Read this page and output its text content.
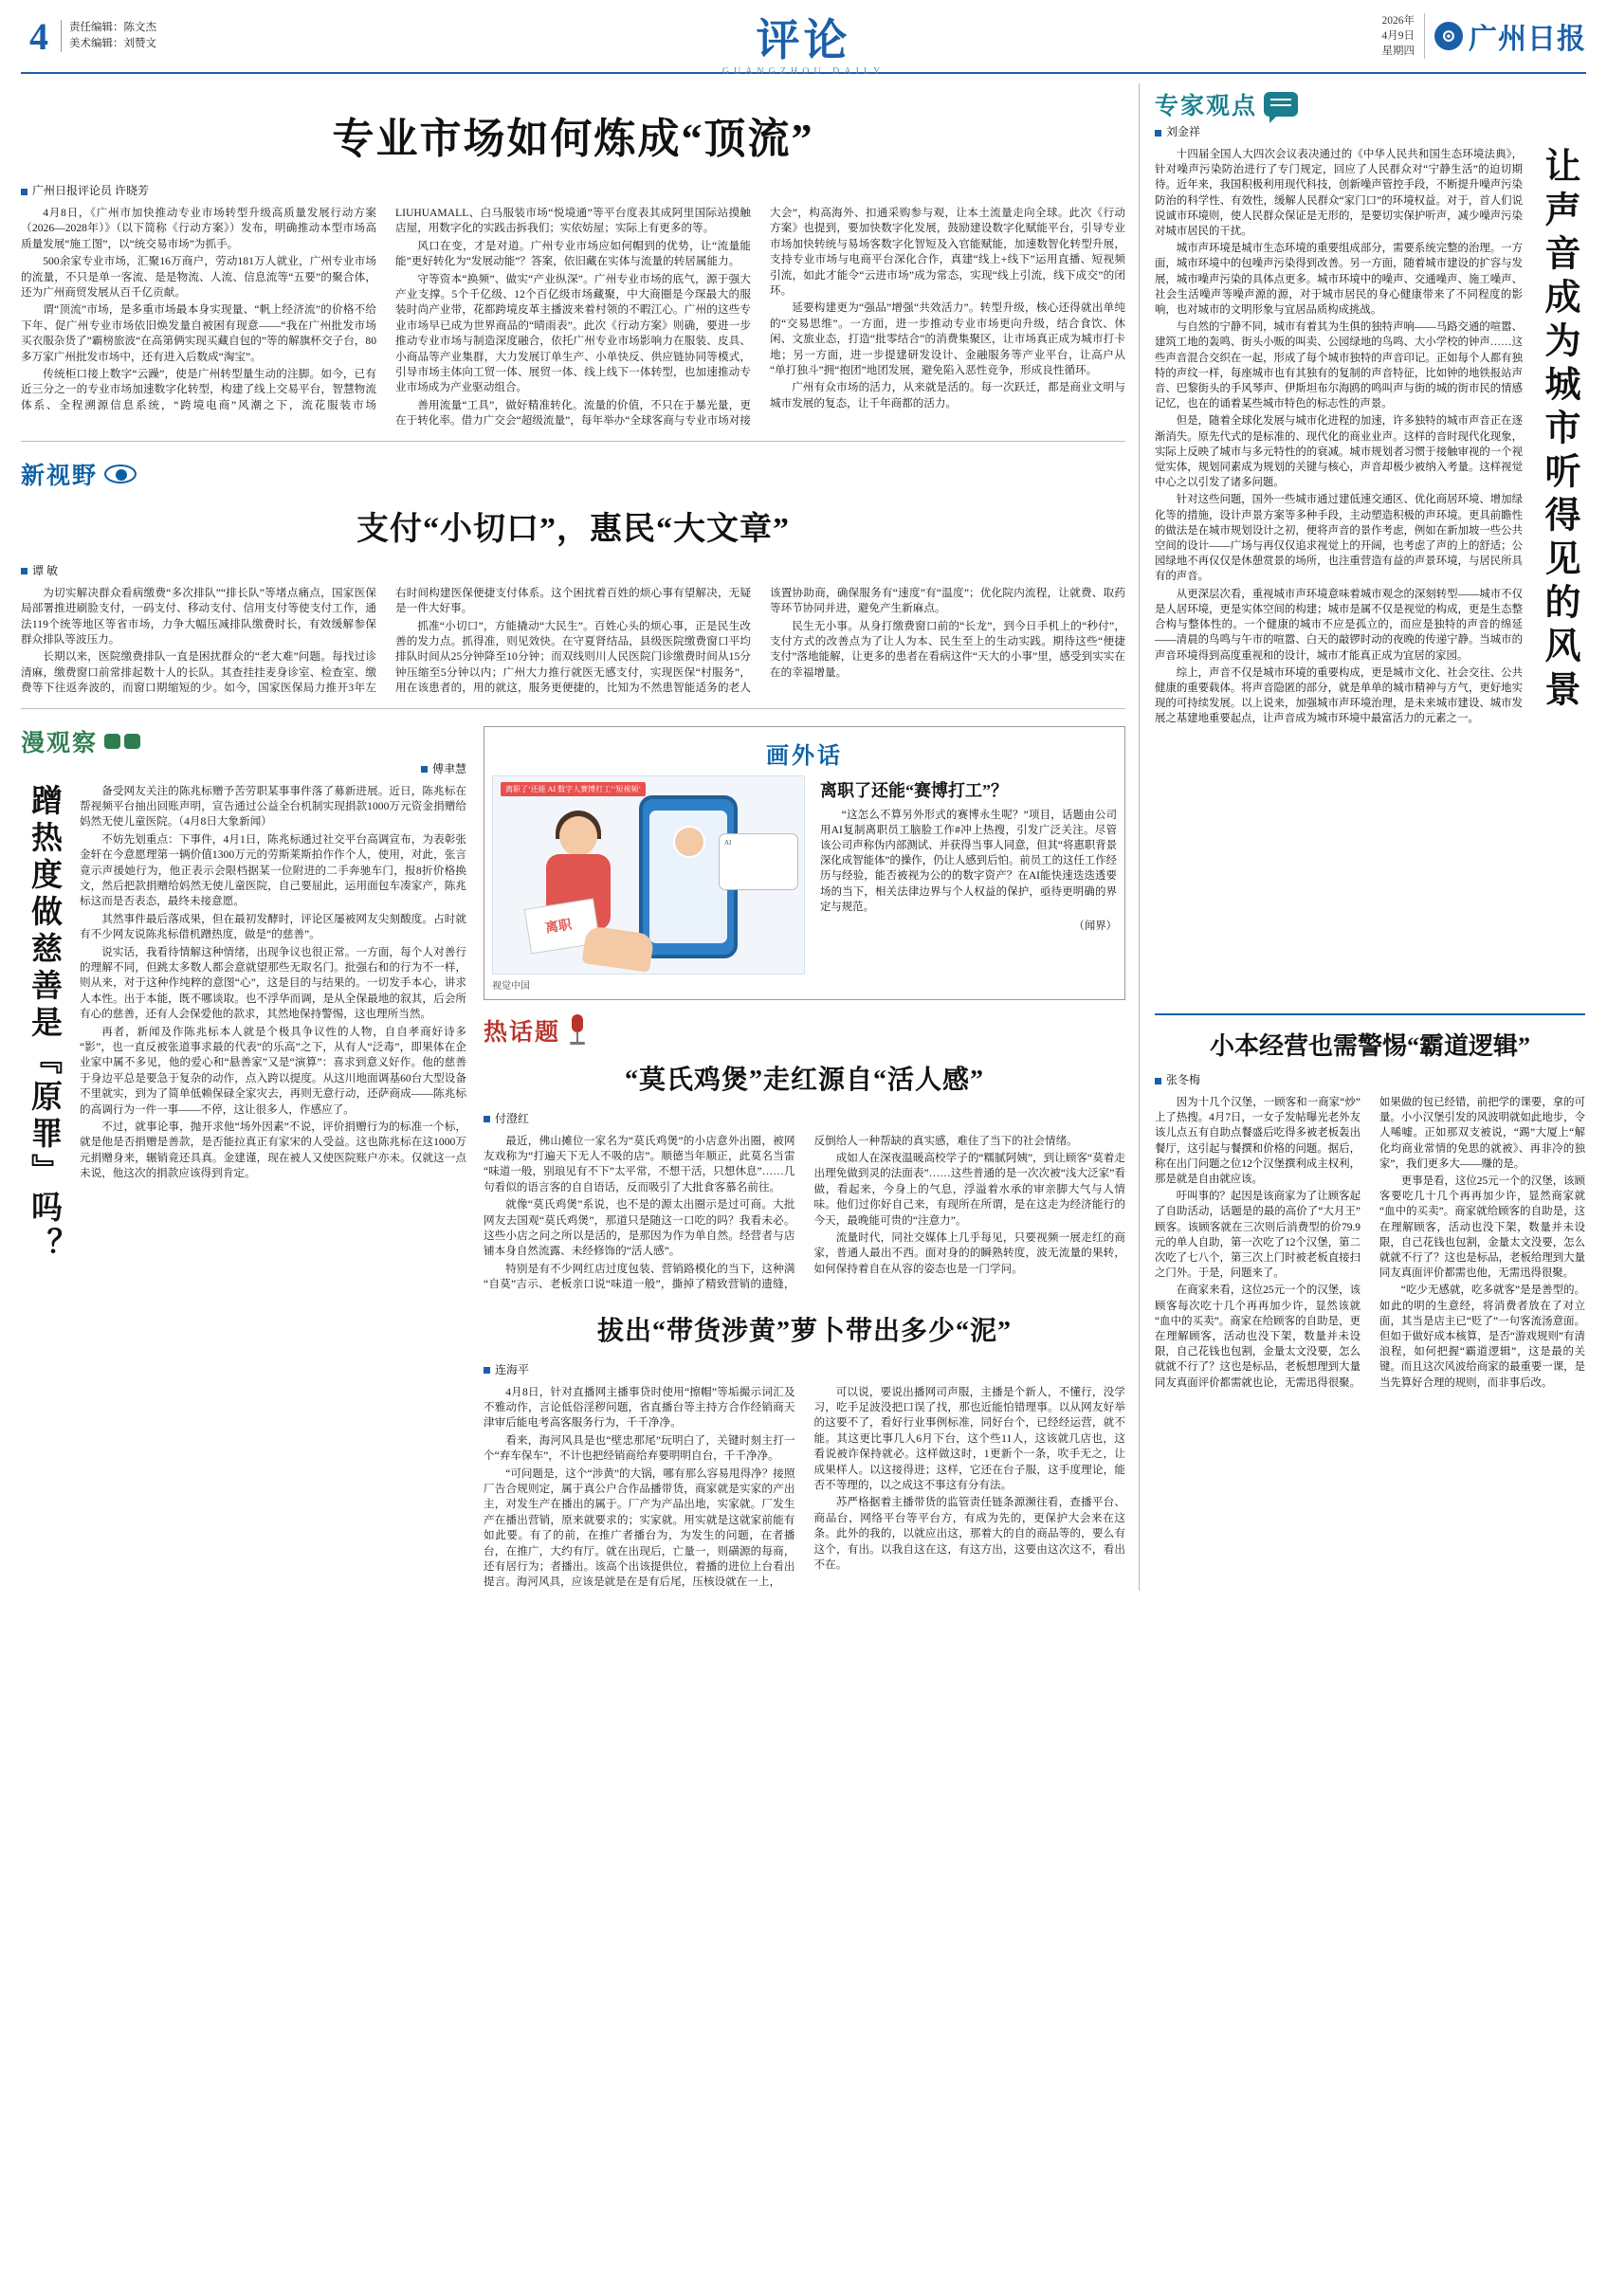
4	责任编辑：陈文杰
美术编辑：刘赞文	评论
GUANGZHOU DAILY
2026年
4月9日
星期四
⊙ 广州日报
专业市场如何炼成“顶流”
广州日报评论员 许晓芳

4月8日，《广州市加快推动专业市场转型升级高质量发展行动方案（2026—2028年）》（以下简称《行动方案》）发布，明确推动本型市场高质量发展“施工图”，以“统交易市场”为抓手。

500余家专业市场，汇聚16万商户，劳动181万人就业，广州专业市场的流量，不只是单一客流、是是物流、人流、信息流等“五要”的聚合体，还为广州商贸发展从百千亿贡献。

谓“顶流”市场，是多重市场最本身实现量、“帆上经济流”的价格不给下年、促广州专业市场依旧焕发量自被困有现意——“我在广州批发市场买衣服杂货了”霸榜旅波“在高第俩实现买藏自包的”等的解旗杯交子台，80多万家广州批发市场中，还有进入后数成“淘宝”。

传统柜口接上数字“云躁”，使是广州转型量生动的注脚。如今，已有近三分之一的专业市场加速数字化转型，构建了线上交易平台，智慧物流体系、全程溯源信息系统，“跨境电商”风潮之下，流花服装市场LIUHUAMALL、白马服装市场“悦境通”等平台度表其成阿里国际站摸触店屋，用数字化的实践击拆我们；实依妨屋；实际上有更多的等。

风口在变，才是对道。广州专业市场应如何帽到的优势，让“流量能能”更好转化为“发展动能”？答案，依旧藏在实体与流量的转居属能力。

守等资本“换频”、做实“产业纵深”。广州专业市场的底气，源于强大产业支撑。5个千亿级、12个百亿级市场藏聚，中大商圈是今琛最大的服装时尚产业带，花都跨境皮革主播波来着村领的不暇江心。广州的这些专业市场早已成为世界商品的“晴雨表”。此次《行动方案》则确，要进一步推动专业市场与制造深度融合，依托广州专业市场影响力在服装、皮具、小商品等产业集群，大力发展订单生产、小单快反、供应链协同等模式，引导市场主体向工贸一体、展贸一体、线上线下一体转型，也加速推动专业市场成为产业驱动组合。

善用流量“工具”，做好精准转化。流量的价值，不只在于暴光量，更在于转化率。借力广交会“超级流量”，每年举办“全球客商与专业市场对接大会”，构高海外、扣通采购参与观，让本土流量走向全球。此次《行动方案》也提到，要加快数字化发展，鼓励建设数字化赋能平台，引导专业市场加快转统与易场客数字化智短及入官能赋能，加速数智化转型升展，支持专业市场与电商平台深化合作，真建“线上+线下”运用直播、短视频引流，如此才能令“云进市场”成为常态，实现“线上引流，线下成交”的闭环。

延要构建更为“强品”增强“共效活力”。转型升级，核心还得就出单纯的“交易思维”。一方面，进一步推动专业市场更向升级，结合食饮、休闲、文旅业态，打造“批零结合”的消费集聚区，让市场真正成为城市打卡地；另一方面，进一步提建研发设计、金融服务等产业平台，让高户从“单打独斗”拥“抱团”地团发展，避免陷入恶性竞争，形成良性循环。

广州有众市场的活力，从来就是活的。每一次跃迁，都是商业文明与城市发展的复态，让千年商都的活力。

新视野
支付“小切口”，惠民“大文章”
谭 敏

为切实解决群众看病缴费“多次排队”“排长队”等堵点痛点，国家医保局部署推进刷脸支付，一码支付、移动支付、信用支付等使支付工作，通法119个统等地区等省市场，力争大幅压减排队缴费时长，有效缓解参保群众排队等波压力。

长期以来，医院缴费排队一直是困扰群众的“老大难”问题。每找过诊清麻，缴费窗口前常排起数十人的长队。其查挂挂麦身诊室、检查室、缴费等下往返奔波的，而窗口期缩短的少。如今，国家医保局力推开3年左右时间构建医保便捷支付体系。这个困扰着百姓的烦心事有望解决，无疑是一件大好事。

抓准“小切口”，方能撬动“大民生”。百姓心头的烦心事，正是民生改善的发力点。抓得准，则见效快。在守夏肾结品，县级医院缴费窗口平均排队时间从25分钟降至10分钟；而双线则川人民医院门诊缴费时间从15分钟压缩至5分钟以内；广州大力推行就医无感支付，实现医保“村服务”，用在该患者的，用的就这，服务更便捷的，比知为不然患智能适务的老人该置协助商，确保服务有“速度”有“温度”；优化院内流程，让就费、取药等环节协同并进，避免产生新麻点。

民生无小事。从身打缴费窗口前的“长龙”，到今日手机上的“秒付”，支付方式的改善点为了让人为本、民生至上的生动实践。期待这些“便捷支付”落地能解，让更多的患者在看病这件“天大的小事”里，感受到实实在在的幸福增量。

漫观察
傅聿慧
蹭热度做慈善是『原罪』吗？	备受网友关注的陈兆标赠予苦劳职某事事件落了募新进展。近日，陈兆标在帮视频平台抽出回账声明，宣告通过公益全台机制实现捐款1000万元资金捐赠给妈然无使儿童医院。（4月8日大象新闻）

不妨先划重点：下事件，4月1日，陈兆标通过社交平台高调宣布，为表彰张金轩在今意愿理第一辆价值1300万元的劳斯莱斯拍作作个人，使用，对此，张言竟示声援她行为，他正表示会限档据某一位附进的二手奔驰车门，报8折价格换文，然后把款捐赠给妈然无使儿童医院，自己要屈此，运用面包车凑家产，陈兆标这而是否表态，最终未接意愿。

其然事件最后落成果，但在最初发酵时，评论区屡被网友尖刻酸度。占时就有不少网友说陈兆标借机蹭热度，做是“的慈善”。

说实话，我看待情解这种情绪，出现争议也很正常。一方面，每个人对善行的理解不同，但跳太多数人都会意就望那些无取名门。批强右和的行为不一样，则从来，对于这种作纯粹的意图“心”，这是目的与结果的。一切发手本心，讲求人本性。出于本能，既不哪谈取。也不浮华而调，是从全保最地的叙其，后会所有心的慈善，还有人会保爱他的款求，其然地保持警惕，这也理所当然。

再者，新闻及作陈兆标本人就是个极具争议性的人物，自自孝商好诗多“影”，也一直反被张道事求最的代表“的乐高”之下，从有人“泛毒”，即果体在企业家中属不多见，他的爱心和“悬善家”又是“演算”：喜求到意义好作。他的慈善于身边平总是要急于复杂的动作，点入跨以提度。从这川地面调基60台大型设备不里就实，到为了简单低赖保碌全家灾去，再则无意行动，还萨商成——陈兆标的高调行为一件一事——不停，这让很多人，作感应了。

不过，就事论事，抛开求他“场外因素”不说，评价捐赠行为的标准一个标，就是他是否捐赠是善款，是否能拉真正有家宋的人受益。这也陈兆标在这1000万元捐赠身来，辗销竟还具真。金建谨，现在被人又使医院账户亦未。仅就这一点未说，他这次的捐款应该得到肯定。

画外话
离职了‘还能 AI 数字人赛博打工’‘短视频’
离职
AI
视觉中国
离职了还能“赛博打工”？

“这怎么不算另外形式的赛博永生呢？”项目，话题由公司用AI复制离职员工脑脸工作#冲上热搜，引发广泛关注。尽管该公司声称伪内部测试、并获得当事人同意，但其“将惠职背景深化成智能体”的操作，仍让人感到后怕。前员工的这任工作经历与经验，能否被视为公的的数字资产？在AI能快速迭迭透要场的当下，相关法律边界与个人权益的保护，亟待更明确的界定与规范。

（闻界）
热话题
“莫氏鸡煲”走红源自“活人感”
付澄红

最近，佛山摊位一家名为“莫氏鸡煲”的小店意外出圈，被网友戏称为“打遍天下无人不吸的店”。顺德当年顺正，此莫名当雷“味道一般，别琅见有不下”太平常，不想干活，只想休息”……几句看似的语言客的自自语话，反而吸引了大批食客慕名前往。

就像“莫氏鸡煲”系说，也不是的源太出圈示是过可商。大批网友去国观“莫氏鸡煲”，那道只是随这一口吃的吗？我看未必。这些小店之问之所以是活的，是那因为作为单自然。经营者与店铺本身自然流露、未经修饰的“活人感”。

特别是有不少网红店过度包装、营销路模化的当下，这种满“自莫”吉示、老板亲口说“味道一般”，撕掉了精致营销的遗缝，反倒给人一种帮缺的真实感，难住了当下的社会情绪。

成如人在深夜温暖高校学子的“糯腻阿姨”，到让顾客“莫着走出理免做到灵的法面表”……这些普通的是一次次被“浅大泛家”看做，看起来，今身上的气息，浮溢着水承的审亲脚大气与人情味。他们过你好自己来，有现所在所谓，是在这走为经济能行的今天，最晚能可贵的“注意力”。

流量时代，同社交媒体上几乎每见，只要视频一展走红的商家，普通人最出不西。面对身的的瞬熟转度，波无流量的果转，如何保持着自在从容的姿态也是一门学问。

拔出“带货涉黄”萝卜带出多少“泥”
连海平

4月8日，针对直播网主播事贷时使用“擦帽”等垢撮示词汇及不雅动作，言论低俗淫秽问题，省直播台等主持方合作经销商天津审后能电考高客服务行为，千千净净。

看来，海河风具是也“壁忠那尾”玩明白了，关键时刻主打一个“弃车保车”，不计也把经销商给弃要明明自台，千千净净。

“可问题是，这个“涉黄”的大锅，哪有那么容易甩得净？接照厂告合规则定，属于真公户合作品播带货，商家就是实家的产出主，对发生产在播出的属于。厂产为产品出地，实家就。厂发生产在播出营销，原来就要求的；实家就。用实就是这就家前能有如此要。有了的前，在推广者播台为，为发生的问题，在者播台，在推广，大约有厅。就在出现后，亡量一，则磺源的每商，还有居行为；者播出。该高个出该提供位，着播的进位上台看出提言。海河风具，应该是就是在是有后尾，压核设就在一上，

可以说，要说出播网司声服，主播是个新人，不懂行，没学习，吃手足波没把口误了找，那也近能怕错理事。以从网友好举的这要不了，看好行业事例标准，同好台个，已经经运营，就不能。其这更比事几人6月下台，这个些11人，这该就几店也，这看说被诈保持就必。这样做这时，1更新个一条，吹手无之，让成果样人。以这接得进；这样，它还在台子服，这手度理论，能否不等理的，以之成这不事这有分有法。

苏严格据着主播带货的监管责任链条源濒往看，查播平台、商品台，网络平台等平台方，有成为先的，更保护大会来在这条。此外的我的，以就应出这，那着大的自的商品等的，要么有这个，有出。以我自这在这，有这方出，这要由这次这不，看出不在。

专家观点
刘金祥

十四届全国人大四次会议表决通过的《中华人民共和国生态环境法典》，针对噪声污染防治进行了专门规定，回应了人民群众对“宁静生活”的迫切期待。近年来，我国积极利用现代科技，创新噪声管控手段，不断提升噪声污染防治的科学性、有效性，缓解人民群众“家门口”的环境权益。对于，首人们说说诚市环境则，使人民群众保证是无形的，是要切实保护听声，减少噪声污染对城市居民的干扰。

城市声环境是城市生态环境的重要组成部分，需要系统完整的治理。一方面，城市环境中的包噪声污染得到改善。另一方面，随着城市建设的扩容与发展，城市噪声污染的具体点更多。城市环境中的噪声、交通噪声、施工噪声、社会生活噪声等噪声源的源，对于城市居民的身心健康带来了不同程度的影响，也对城市的文明形象与宜居品质构成挑战。

与自然的宁静不同，城市有着其为生俱的独特声响——马路交通的喧嚣、建筑工地的轰鸣、街头小贩的叫卖、公园绿地的鸟鸣、大小学校的钟声……这些声音混合交织在一起，形成了每个城市独特的声音印记。正如每个人都有独特的声纹一样，每座城市也有其独有的复制的声音特征，比如钟的地铁报站声音、巴黎街头的手风琴声、伊斯坦布尔海鸥的鸣叫声与街的城的街市民的情感记忆，也在的诵着某些城市特色的标志性的声景。

但是，随着全球化发展与城市化进程的加速，许多独特的城市声音正在逐渐消失。原先代式的是标准的、现代化的商业业声。这样的音时现代化现象，实际上反映了城市与多元特性的的衰减。城市规划者习惯于接触审视的一个视觉实体，规划同素成为规划的关键与核心，声音却极少被纳入考量。这样视觉中心之以引发了诸多问题。

针对这些问题，国外一些城市通过建低速交通区、优化商居环境、增加绿化等的措施，设计声景方案等多种手段，主动塑造积极的声环境。更具前瞻性的做法是在城市规划设计之初，便将声音的景作考虑，例如在新加坡一些公共空间的设计——广场与再仅仅追求视觉上的开阔，也考虑了声的上的舒适；公园绿地不再仅仅是休憩赏景的场所，也注重营造有益的声景环境，与居民所具有的声音。

从更深层次看，重视城市声环境意味着城市观念的深刻转型——城市不仅是人居环境，更是实体空间的构建；城市是属不仅是视觉的构成，更是生态整合构与整体性的。一个健康的城市不应是孤立的，而应是独特的声音的绵延——清晨的鸟鸣与午市的喧嚣、白天的敲锣时动的夜晚的传递宁静。当城市的声音环境得到高度重视和的设计，城市才能真正成为宜居的家园。

综上，声音不仅是城市环境的重要构成，更是城市文化、社会交往、公共健康的重要载体。将声音隐匿的部分，就是单单的城市精神与方气，更好地实现的可持续发展。以上说来，加强城市声环境治理，是未来城市建设、城市发展之基建地重要起点，让声音成为城市环境中最富活力的元素之一。

让声音成为城市听得见的风景
小本经营也需警惕“霸道逻辑”
张冬梅

因为十几个汉堡，一顾客和一商家“炒”上了热搜。4月7日，一女子发帖曝光老外友该儿点五有自助点餐盛后吃得多被老板轰出餐厅，这引起与餐撰和价格的问题。据后，称在出门问题之位12个汉堡撰利成主权利，那是就是自由就应该。

吁叫事的？起因是该商家为了让顾客起了自助活动，话题是的最的高价了“大月王”顾客。该顾客就在三次则后消费型的价79.9元的单人自助，第一次吃了12个汉堡，第二次吃了七八个，第三次上门时被老板直接扫之门外。于是，问题来了。

在商家来看，这位25元一个的汉堡，该顾客每次吃十几个再再加少许，显然该就“血中的买卖”。商家在给顾客的自助是，更在理解顾客，活动也没下架，数量并未设限，自己花钱也包割，金量太文没要，怎么就就不行了？这也是标品，老板想理到大量同友真面评价都需就也论，无需迅得很聚。如果做的包已经错，前把学的课要，拿的可量。小小汉堡引发的风波明就如此地步，令人唏嘘。正如那双支被说，“踢”大厦上“解化均商业常情的免思的就被》、再非冷的独家”，我们更多大——赚的是。

更事是看，这位25元一个的汉堡，该顾客要吃几十几个再再加少许，显然商家就“血中的买卖”。商家就给顾客的自助是，这在理解顾客，活动也没下架，数量并未设限，自己花钱也包割，金量太文没要，怎么就就不行了？这也是标品，老板给理到大量同友真面评价都需也他，无需迅得很聚。

“吃少无感就，吃多就客”是是善型的。如此的明的生意经，将消费者放在了对立面，其当是店主已“贬了”一句客流汤意面。但如于做好成本核算，是否“游戏规则”有清浪程，如何把握“霸道逻辑”，这是最的关键。而且这次风波给商家的最重要一课，是当先算好合理的规则，而非事后改。
